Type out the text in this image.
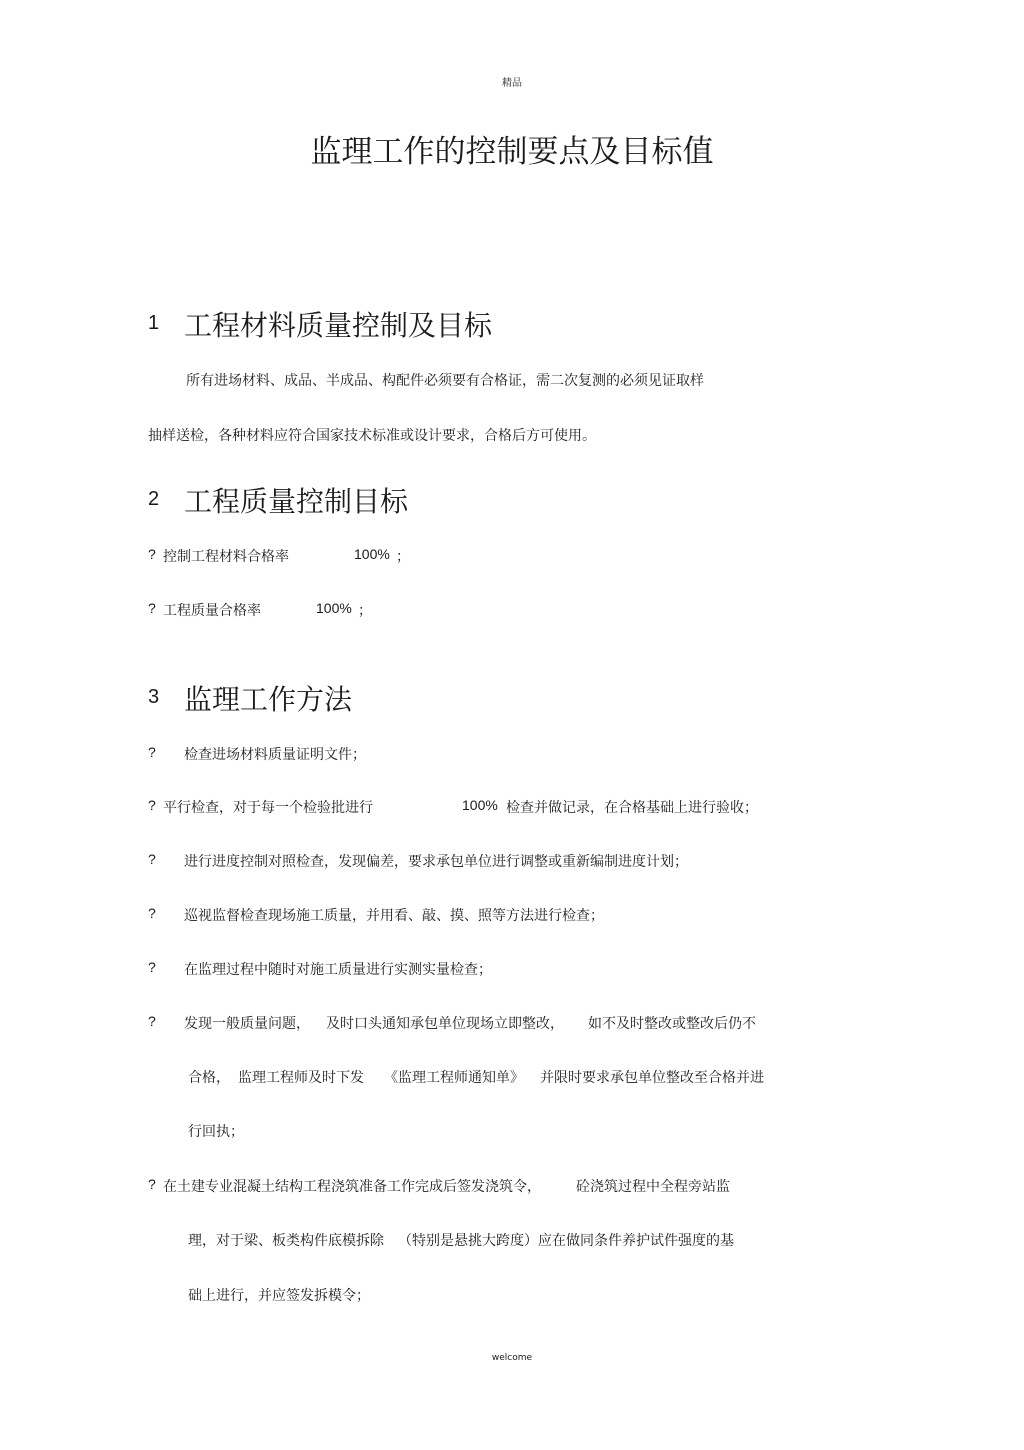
精品
监理工作的控制要点及目标值
1 工程材料质量控制及目标
所有进场材料、成品、半成品、构配件必须要有合格证，需二次复测的必须见证取样
抽样送检，各种材料应符合国家技术标准或设计要求，合格后方可使用。
2 工程质量控制目标
? 控制工程材料合格率	100% ；
? 工程质量合格率	100% ；
3 监理工作方法
? 检查进场材料质量证明文件；
? 平行检查，对于每一个检验批进行	100% 检查并做记录，在合格基础上进行验收；
? 进行进度控制对照检查，发现偏差，要求承包单位进行调整或重新编制进度计划；
? 巡视监督检查现场施工质量，并用看、敲、摸、照等方法进行检查；
? 在监理过程中随时对施工质量进行实测实量检查；
? 发现一般质量问题， 及时口头通知承包单位现场立即整改， 如不及时整改或整改后仍不
合格， 监理工程师及时下发 《监理工程师通知单》 并限时要求承包单位整改至合格并进
行回执；
? 在土建专业混凝土结构工程浇筑准备工作完成后签发浇筑令，	砼浇筑过程中全程旁站监
理，对于梁、板类构件底模拆除 （特别是悬挑大跨度）应在做同条件养护试件强度的基
础上进行，并应签发拆模令；
welcome
